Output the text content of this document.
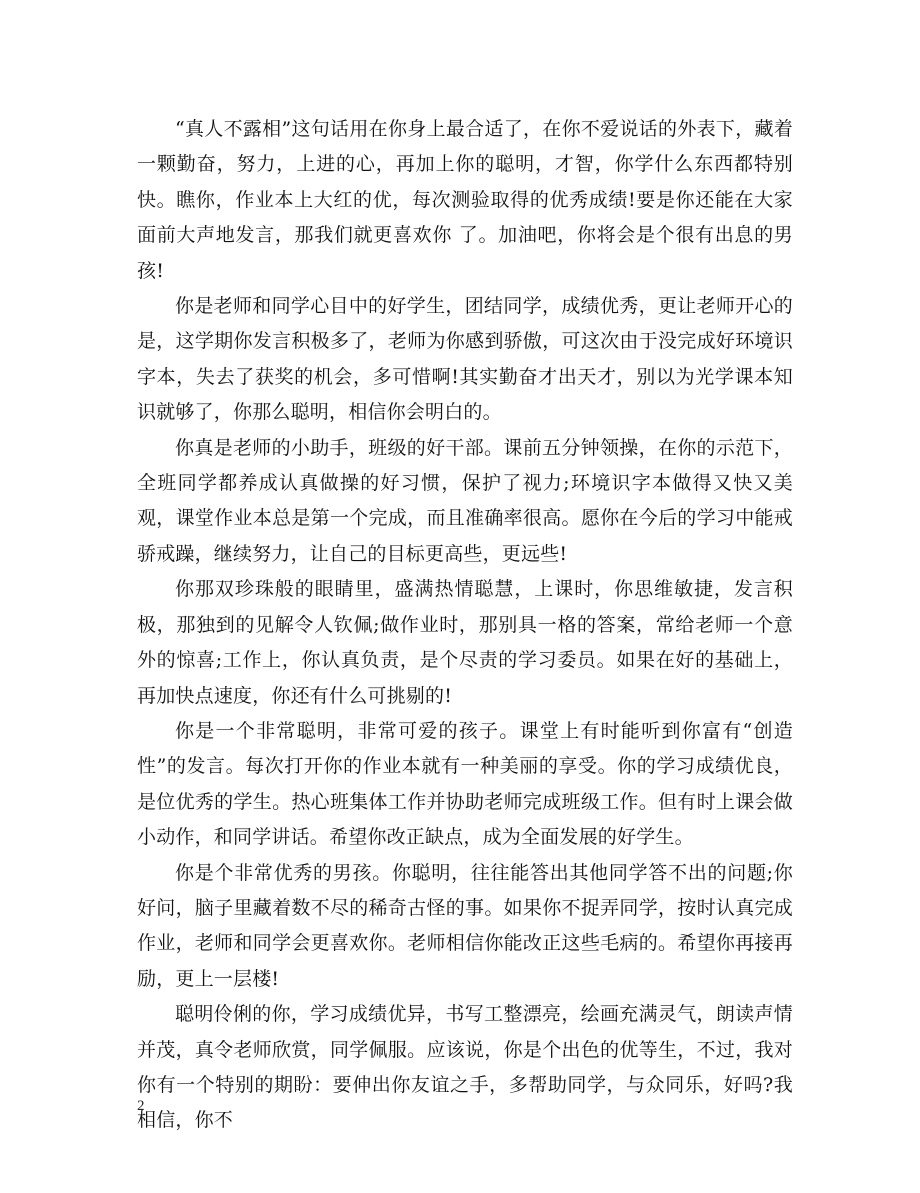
“真人不露相”这句话用在你身上最合适了，在你不爱说话的外表下，藏着一颗勤奋，努力，上进的心，再加上你的聪明，才智，你学什么东西都特别快。瞧你，作业本上大红的优，每次测验取得的优秀成绩!要是你还能在大家面前大声地发言，那我们就更喜欢你 了。加油吧，你将会是个很有出息的男孩!

你是老师和同学心目中的好学生，团结同学，成绩优秀，更让老师开心的是，这学期你发言积极多了，老师为你感到骄傲，可这次由于没完成好环境识字本，失去了获奖的机会，多可惜啊!其实勤奋才出天才，别以为光学课本知识就够了，你那么聪明，相信你会明白的。

你真是老师的小助手，班级的好干部。课前五分钟领操，在你的示范下，全班同学都养成认真做操的好习惯，保护了视力;环境识字本做得又快又美观，课堂作业本总是第一个完成，而且准确率很高。愿你在今后的学习中能戒骄戒躁，继续努力，让自己的目标更高些，更远些!

你那双珍珠般的眼睛里，盛满热情聪慧，上课时，你思维敏捷，发言积极，那独到的见解令人钦佩;做作业时，那别具一格的答案，常给老师一个意外的惊喜;工作上，你认真负责，是个尽责的学习委员。如果在好的基础上，再加快点速度，你还有什么可挑剔的!

你是一个非常聪明，非常可爱的孩子。课堂上有时能听到你富有“创造性”的发言。每次打开你的作业本就有一种美丽的享受。你的学习成绩优良，是位优秀的学生。热心班集体工作并协助老师完成班级工作。但有时上课会做小动作，和同学讲话。希望你改正缺点，成为全面发展的好学生。

你是个非常优秀的男孩。你聪明，往往能答出其他同学答不出的问题;你好问，脑子里藏着数不尽的稀奇古怪的事。如果你不捉弄同学，按时认真完成作业，老师和同学会更喜欢你。老师相信你能改正这些毛病的。希望你再接再励，更上一层楼!

聪明伶俐的你，学习成绩优异，书写工整漂亮，绘画充满灵气，朗读声情并茂，真令老师欣赏，同学佩服。应该说，你是个出色的优等生，不过，我对你有一个特别的期盼：要伸出你友谊之手，多帮助同学，与众同乐，好吗?我相信，你不

2
